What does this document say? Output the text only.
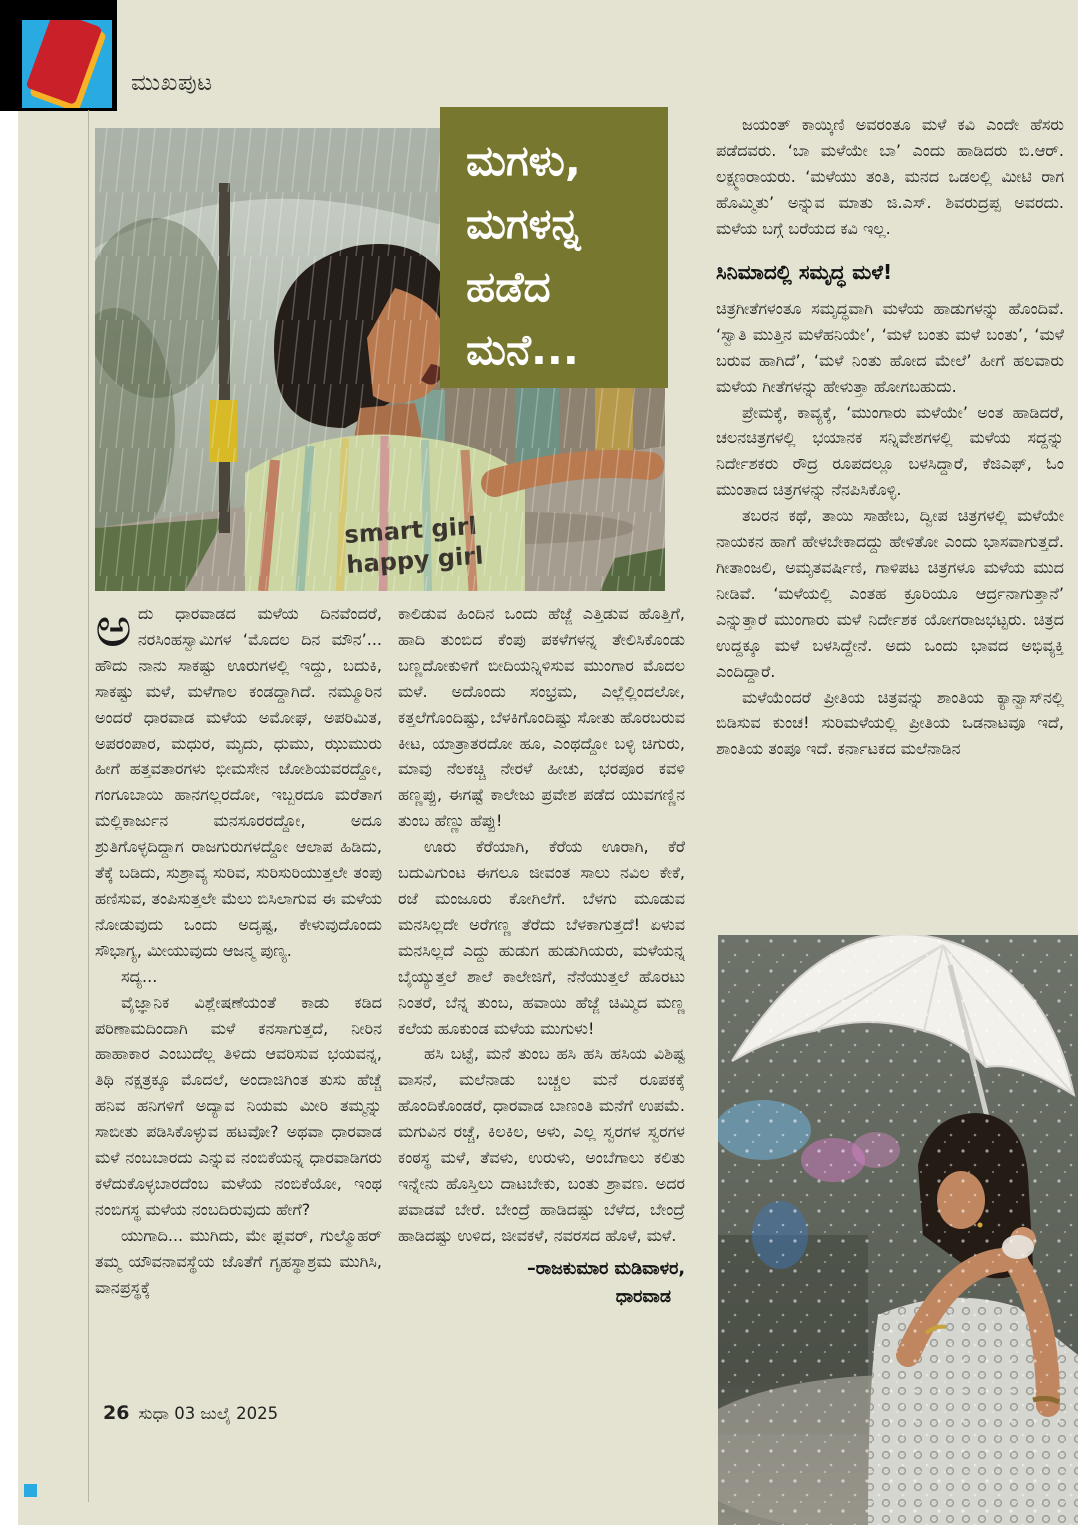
ಮುಖಪುಟ
ಮಗಳು,
ಮಗಳನ್ನ
ಹಡೆದ
ಮನೆ...

ಅದು ಧಾರವಾಡದ ಮಳೆಯ ದಿನವೆಂದರೆ, ನರಸಿಂಹಸ್ವಾಮಿಗಳ ‘ಮೊದಲ ದಿನ ಮೌನ’... ಹೌದು ನಾನು ಸಾಕಷ್ಟು ಊರುಗಳಲ್ಲಿ ಇದ್ದು, ಬದುಕಿ, ಸಾಕಷ್ಟು ಮಳೆ, ಮಳೆಗಾಲ ಕಂಡದ್ದಾಗಿದೆ. ನಮ್ಮೂರಿನ ಅಂದರೆ ಧಾರವಾಡ ಮಳೆಯ ಅಮೋಘ, ಅಪರಿಮಿತ, ಅಪರಂಪಾರ, ಮಧುರ, ಮೃದು, ಧುಮು, ಝುಮುರು ಹೀಗೆ ಹತ್ತವತಾರಗಳು ಭೀಮಸೇನ ಜೋಶಿಯವರದ್ದೋ, ಗಂಗೂಬಾಯಿ ಹಾನಗಲ್ಲರದೋ, ಇಬ್ಬರದೂ ಮರೆತಾಗ ಮಲ್ಲಿಕಾರ್ಜುನ ಮನಸೂರರದ್ದೋ, ಅದೂ ಶ್ರುತಿಗೊಳ್ಳದಿದ್ದಾಗ ರಾಜಗುರುಗಳದ್ದೋ ಆಲಾಪ ಹಿಡಿದು, ತೆಕ್ಕೆ ಬಡಿದು, ಸುಶ್ರಾವ್ಯ ಸುರಿವ, ಸುರಿಸುರಿಯುತ್ತಲೇ ತಂಪು ಹಣಿಸುವ, ತಂಪಿಸುತ್ತಲೇ ಮೆಲು ಬಿಸಿಲಾಗುವ ಈ ಮಳೆಯ ನೋಡುವುದು ಒಂದು ಅದೃಷ್ಟ, ಕೇಳುವುದೊಂದು ಸೌಭಾಗ್ಯ, ಮೀಯುವುದು ಆಜನ್ಮ ಪುಣ್ಯ.

ಸದ್ಯ...

ವೈಜ್ಞಾನಿಕ ವಿಶ್ಲೇಷಣೆಯಂತೆ ಕಾಡು ಕಡಿದ ಪರಿಣಾಮದಿಂದಾಗಿ ಮಳೆ ಕನಸಾಗುತ್ತದೆ, ನೀರಿನ ಹಾಹಾಕಾರ ಎಂಬುದೆಲ್ಲ ತಿಳಿದು ಆವರಿಸುವ ಭಯವನ್ನ, ತಿಥಿ ನಕ್ಷತ್ರಕ್ಕೂ ಮೊದಲೆ, ಅಂದಾಜಿಗಿಂತ ತುಸು ಹೆಚ್ಚೆ ಹನಿವ ಹನಿಗಳಿಗೆ ಅದ್ಯಾವ ನಿಯಮ ಮೀರಿ ತಮ್ಮನ್ನು ಸಾಬೀತು ಪಡಿಸಿಕೊಳ್ಳುವ ಹಟವೋ? ಅಥವಾ ಧಾರವಾಡ ಮಳೆ ನಂಬಬಾರದು ಎನ್ನುವ ನಂಬಿಕೆಯನ್ನ ಧಾರವಾಡಿಗರು ಕಳೆದುಕೊಳ್ಳಬಾರದೆಂಬ ಮಳೆಯ ನಂಬಿಕೆಯೋ, ಇಂಥ ನಂಬಿಗಸ್ಥ ಮಳೆಯ ನಂಬದಿರುವುದು ಹೇಗೆ?

ಯುಗಾದಿ... ಮುಗಿದು, ಮೇ ಫ್ಲವರ್, ಗುಲ್ಮೊಹರ್ ತಮ್ಮ ಯೌವನಾವಸ್ಥೆಯ ಜೊತೆಗೆ ಗೃಹಸ್ಥಾಶ್ರಮ ಮುಗಿಸಿ, ವಾನಪ್ರಸ್ಥಕ್ಕೆ

ಕಾಲಿಡುವ ಹಿಂದಿನ ಒಂದು ಹೆಜ್ಜೆ ಎತ್ತಿಡುವ ಹೊತ್ತಿಗೆ, ಹಾದಿ ತುಂಬಿದ ಕೆಂಪು ಪಕಳೆಗಳನ್ನ ತೇಲಿಸಿಕೊಂಡು ಬಣ್ಣದೋಕುಳಿಗೆ ಬೀದಿಯನ್ನಿಳಿಸುವ ಮುಂಗಾರ ಮೊದಲ ಮಳೆ. ಅದೊಂದು ಸಂಭ್ರಮ, ಎಲ್ಲೆಲ್ಲಿಂದಲೋ, ಕತ್ತಲೆಗೊಂದಿಷ್ಟು, ಬೆಳಕಿಗೊಂದಿಷ್ಟು ಸೋತು ಹೊರಬರುವ ಕೀಟ, ಯಾತ್ರಾತರದೋ ಹೂ, ಎಂಥದ್ದೋ ಬಳ್ಳಿ ಚಿಗುರು, ಮಾವು ನೆಲಕಚ್ಚಿ ನೇರಳೆ ಹೀಚು, ಭರಪೂರ ಕವಳಿ ಹಣ್ಣಪ್ಪು, ಈಗಷ್ಟೆ ಕಾಲೇಜು ಪ್ರವೇಶ ಪಡೆದ ಯುವಗಣ್ಣಿನ ತುಂಬ ಹೆಣ್ಣು ಹೆಪ್ಪು!

ಊರು ಕೆರೆಯಾಗಿ, ಕೆರೆಯ ಊರಾಗಿ, ಕೆರೆ ಬದುವಿಗುಂಟ ಈಗಲೂ ಜೀವಂತ ಸಾಲು ನವಿಲ ಕೇಕೆ, ರಜೆ ಮಂಜೂರು ಕೋಗಿಲೆಗೆ. ಬೆಳಗು ಮೂಡುವ ಮನಸಿಲ್ಲದೇ ಅರೆಗಣ್ಣ ತೆರೆದು ಬೆಳಕಾಗುತ್ತದೆ! ಏಳುವ ಮನಸಿಲ್ಲದೆ ಎದ್ದು ಹುಡುಗ ಹುಡುಗಿಯರು, ಮಳೆಯನ್ನ ಬೈಯ್ಯುತ್ತಲೆ ಶಾಲೆ ಕಾಲೇಜಿಗೆ, ನೆನೆಯುತ್ತಲೆ ಹೊರಟು ನಿಂತರೆ, ಬೆನ್ನ ತುಂಬ, ಹವಾಯಿ ಹೆಜ್ಜೆ ಚಿಮ್ಮಿದ ಮಣ್ಣ ಕಲೆಯ ಹೂಕುಂಡ ಮಳೆಯ ಮುಗುಳು!

ಹಸಿ ಬಟ್ಟೆ, ಮನೆ ತುಂಬ ಹಸಿ ಹಸಿ ಹಸಿಯ ವಿಶಿಷ್ಟ ವಾಸನೆ, ಮಲೆನಾಡು ಬಚ್ಚಲ ಮನೆ ರೂಪಕಕ್ಕೆ ಹೊಂದಿಕೊಂಡರೆ, ಧಾರವಾಡ ಬಾಣಂತಿ ಮನೆಗೆ ಉಪಮೆ. ಮಗುವಿನ ರಚ್ಚೆ, ಕಿಲಕಿಲ, ಅಳು, ಎಲ್ಲ ಸ್ವರಗಳ ಸ್ವರಗಳ ಕಂಠಸ್ಥ ಮಳೆ, ತೆವಳು, ಉರುಳು, ಅಂಬೆಗಾಲು ಕಲಿತು ಇನ್ನೇನು ಹೊಸ್ತಿಲು ದಾಟಬೇಕು, ಬಂತು ಶ್ರಾವಣ. ಅದರ ಪವಾಡವೆ ಬೇರೆ. ಬೇಂದ್ರೆ ಹಾಡಿದಷ್ಟು ಬೆಳೆದ, ಬೇಂದ್ರೆ ಹಾಡಿದಷ್ಟು ಉಳಿದ, ಜೀವಕಳೆ, ನವರಸದ ಹೊಳೆ, ಮಳೆ.

–ರಾಜಕುಮಾರ ಮಡಿವಾಳರ,
ಧಾರವಾಡ

ಜಯಂತ್ ಕಾಯ್ಕಿಣಿ ಅವರಂತೂ ಮಳೆ ಕವಿ ಎಂದೇ ಹೆಸರು ಪಡೆದವರು. ‘ಬಾ ಮಳೆಯೇ ಬಾ’ ಎಂದು ಹಾಡಿದರು ಬಿ.ಆರ್. ಲಕ್ಷ್ಮಣರಾಯರು. ‘ಮಳೆಯು ತಂತಿ, ಮನದ ಒಡಲಲ್ಲಿ ಮೀಟಿ ರಾಗ ಹೊಮ್ಮಿತು’ ಅನ್ನುವ ಮಾತು ಜಿ.ಎಸ್. ಶಿವರುದ್ರಪ್ಪ ಅವರದು. ಮಳೆಯ ಬಗ್ಗೆ ಬರೆಯದ ಕವಿ ಇಲ್ಲ.

ಸಿನಿಮಾದಲ್ಲಿ ಸಮೃದ್ಧ ಮಳೆ!

ಚಿತ್ರಗೀತೆಗಳಂತೂ ಸಮೃದ್ಧವಾಗಿ ಮಳೆಯ ಹಾಡುಗಳನ್ನು ಹೊಂದಿವೆ. ‘ಸ್ವಾತಿ ಮುತ್ತಿನ ಮಳೆಹನಿಯೇ’, ‘ಮಳೆ ಬಂತು ಮಳೆ ಬಂತು’, ‘ಮಳೆ ಬರುವ ಹಾಗಿದೆ’, ‘ಮಳೆ ನಿಂತು ಹೋದ ಮೇಲೆ’ ಹೀಗೆ ಹಲವಾರು ಮಳೆಯ ಗೀತೆಗಳನ್ನು ಹೇಳುತ್ತಾ ಹೋಗಬಹುದು.

ಪ್ರೇಮಕ್ಕೆ, ಕಾವ್ಯಕ್ಕೆ, ‘ಮುಂಗಾರು ಮಳೆಯೇ’ ಅಂತ ಹಾಡಿದರೆ, ಚಲನಚಿತ್ರಗಳಲ್ಲಿ ಭಯಾನಕ ಸನ್ನಿವೇಶಗಳಲ್ಲಿ ಮಳೆಯ ಸದ್ದನ್ನು ನಿರ್ದೇಶಕರು ರೌದ್ರ ರೂಪದಲ್ಲೂ ಬಳಸಿದ್ದಾರೆ, ಕೆಜಿಎಫ್, ಓಂ ಮುಂತಾದ ಚಿತ್ರಗಳನ್ನು ನೆನಪಿಸಿಕೊಳ್ಳಿ.

ತಬರನ ಕಥೆ, ತಾಯಿ ಸಾಹೇಬ, ದ್ವೀಪ ಚಿತ್ರಗಳಲ್ಲಿ ಮಳೆಯೇ ನಾಯಕನ ಹಾಗೆ ಹೇಳಬೇಕಾದದ್ದು ಹೇಳಿತೋ ಎಂದು ಭಾಸವಾಗುತ್ತದೆ. ಗೀತಾಂಜಲಿ, ಅಮೃತವರ್ಷಿಣಿ, ಗಾಳಿಪಟ ಚಿತ್ರಗಳೂ ಮಳೆಯ ಮುದ ನೀಡಿವೆ. ‘ಮಳೆಯಲ್ಲಿ ಎಂತಹ ಕ್ರೂರಿಯೂ ಆರ್ದ್ರನಾಗುತ್ತಾನೆ’ ಎನ್ನುತ್ತಾರೆ ಮುಂಗಾರು ಮಳೆ ನಿರ್ದೇಶಕ ಯೋಗರಾಜಭಟ್ಟರು. ಚಿತ್ರದ ಉದ್ದಕ್ಕೂ ಮಳೆ ಬಳಸಿದ್ದೇನೆ. ಅದು ಒಂದು ಭಾವದ ಅಭಿವ್ಯಕ್ತಿ ಎಂದಿದ್ದಾರೆ.

ಮಳೆಯೆಂದರೆ ಪ್ರೀತಿಯ ಚಿತ್ರವನ್ನು ಶಾಂತಿಯ ಕ್ಯಾನ್ವಾಸ್‌ನಲ್ಲಿ ಬಿಡಿಸುವ ಕುಂಚ! ಸುರಿಮಳೆಯಲ್ಲಿ ಪ್ರೀತಿಯ ಒಡನಾಟವೂ ಇದೆ, ಶಾಂತಿಯ ತಂಪೂ ಇದೆ. ಕರ್ನಾಟಕದ ಮಲೆನಾಡಿನ

26 ಸುಧಾ 03 ಜುಲೈ 2025
